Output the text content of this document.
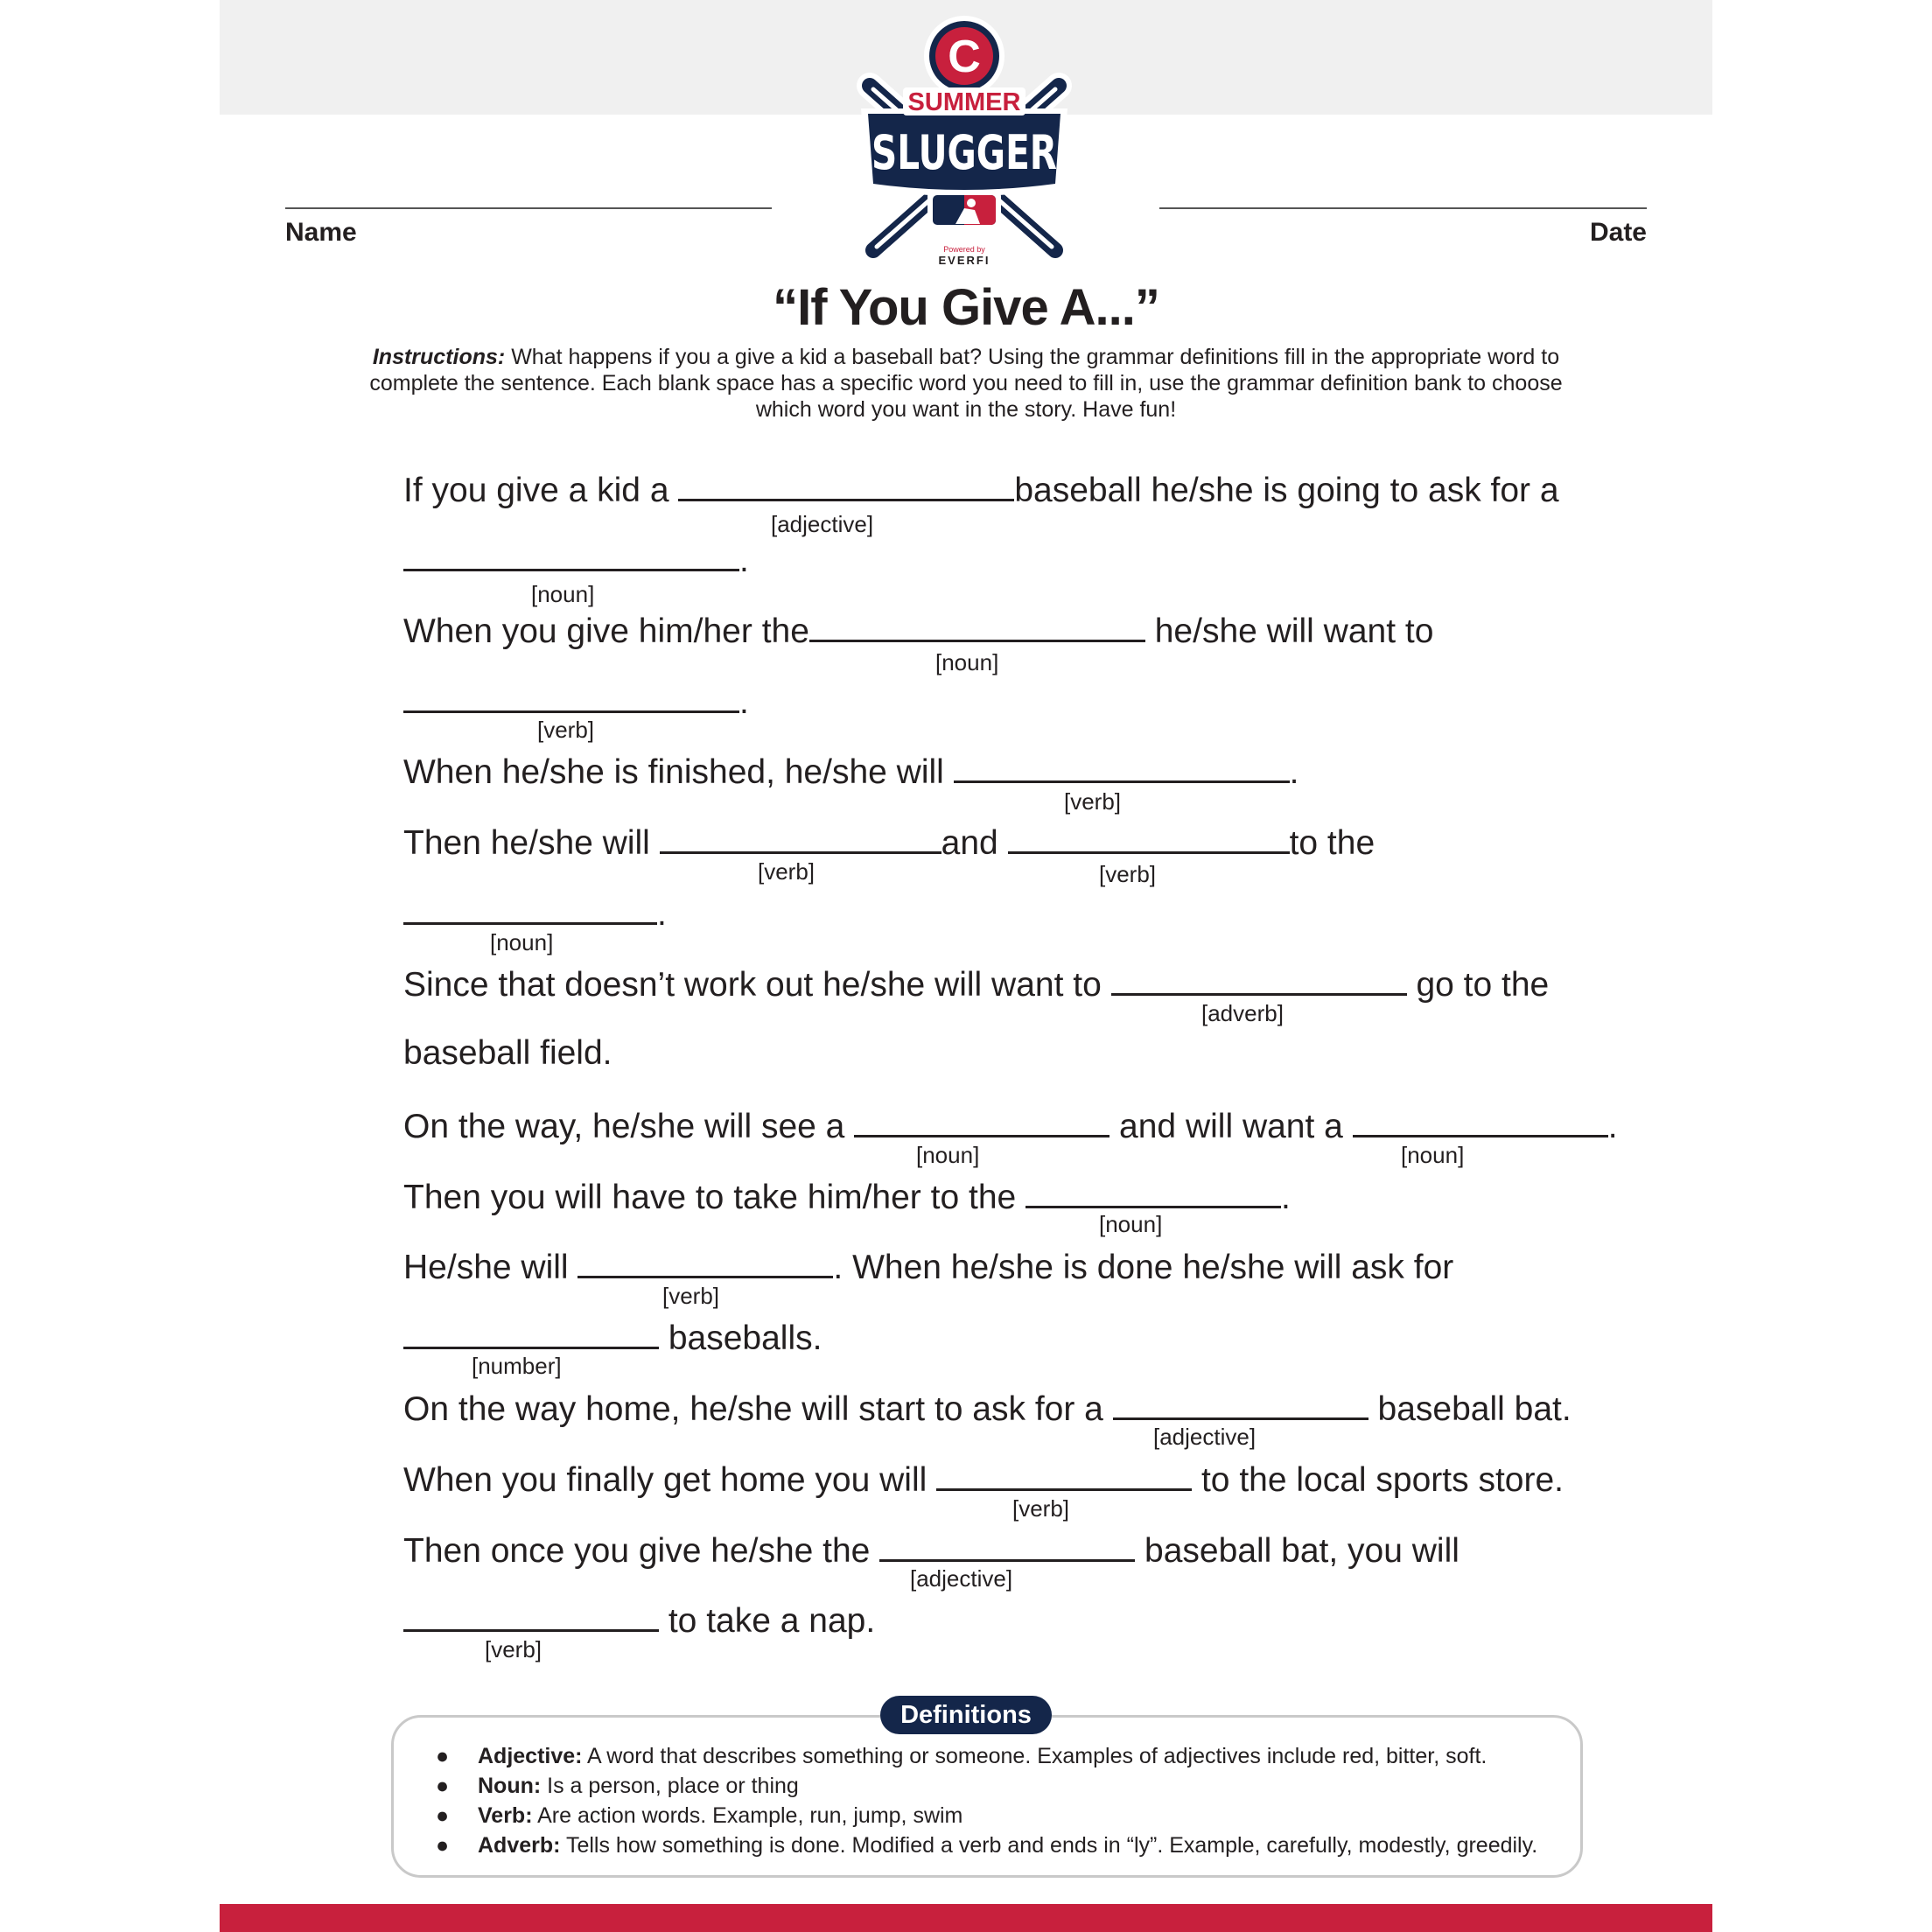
C
SUMMER
SLUGGER
Powered by
EVERFI
Name	Date
“If You Give A...”
Instructions: What happens if you a give a kid a baseball bat? Using the grammar definitions fill in the appropriate word to complete the sentence. Each blank space has a specific word you need to fill in, use the grammar definition bank to choose which word you want in the story. Have fun!
If you give a kid a	baseball he/she is going to ask for a
[adjective]
.
[noun]
When you give him/her the	he/she will want to
[noun]
.
[verb]
When he/she is finished, he/she will	.
[verb]
Then he/she will	and	to the
[verb]	[verb]
.
[noun]
Since that doesn’t work out he/she will want to	go to the
[adverb]
baseball field.
On the way, he/she will see a	and will want a	.
[noun]	[noun]
Then you will have to take him/her to the	.
[noun]
He/she will	. When he/she is done he/she will ask for
[verb]
baseballs.
[number]
On the way home, he/she will start to ask for a	baseball bat.
[adjective]
When you finally get home you will	to the local sports store.
[verb]
Then once you give he/she the	baseball bat, you will
[adjective]
to take a nap.
[verb]
Definitions
● Adjective: A word that describes something or someone. Examples of adjectives include red, bitter, soft.
● Noun: Is a person, place or thing
● Verb: Are action words. Example, run, jump, swim
● Adverb: Tells how something is done. Modified a verb and ends in “ly”. Example, carefully, modestly, greedily.
